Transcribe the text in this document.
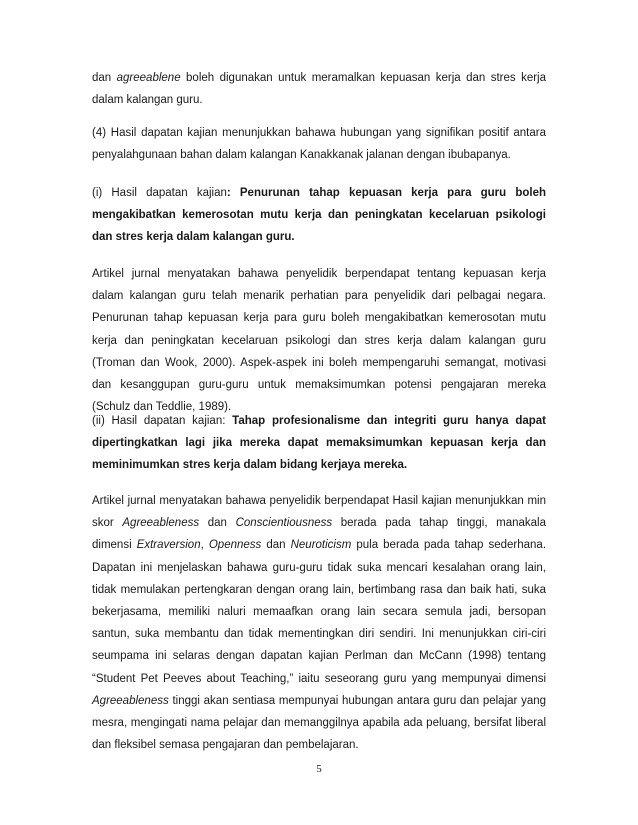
dan agreeablene boleh digunakan untuk meramalkan kepuasan kerja dan stres kerja
dalam kalangan guru.
(4) Hasil dapatan kajian menunjukkan bahawa hubungan yang signifikan positif antara
penyalahgunaan bahan dalam kalangan Kanakkanak jalanan dengan ibubapanya.
(i) Hasil dapatan kajian: Penurunan tahap kepuasan kerja para guru boleh
mengakibatkan kemerosotan mutu kerja dan peningkatan kecelaruan psikologi
dan stres kerja dalam kalangan guru.
Artikel jurnal menyatakan bahawa penyelidik berpendapat tentang kepuasan kerja
dalam kalangan guru telah menarik perhatian para penyelidik dari pelbagai negara.
Penurunan tahap kepuasan kerja para guru boleh mengakibatkan kemerosotan mutu
kerja dan peningkatan kecelaruan psikologi dan stres kerja dalam kalangan guru
(Troman dan Wook, 2000). Aspek-aspek ini boleh mempengaruhi semangat, motivasi
dan kesanggupan guru-guru untuk memaksimumkan potensi pengajaran mereka
(Schulz dan Teddlie, 1989).
(ii) Hasil dapatan kajian: Tahap profesionalisme dan integriti guru hanya dapat
dipertingkatkan lagi jika mereka dapat memaksimumkan kepuasan kerja dan
meminimumkan stres kerja dalam bidang kerjaya mereka.
Artikel jurnal menyatakan bahawa penyelidik berpendapat Hasil kajian menunjukkan min
skor Agreeableness dan Conscientiousness berada pada tahap tinggi, manakala
dimensi Extraversion, Openness dan Neuroticism pula berada pada tahap sederhana.
Dapatan ini menjelaskan bahawa guru-guru tidak suka mencari kesalahan orang lain,
tidak memulakan pertengkaran dengan orang lain, bertimbang rasa dan baik hati, suka
bekerjasama, memiliki naluri memaafkan orang lain secara semula jadi, bersopan
santun, suka membantu dan tidak mementingkan diri sendiri. Ini menunjukkan ciri-ciri
seumpama ini selaras dengan dapatan kajian Perlman dan McCann (1998) tentang
“Student Pet Peeves about Teaching,” iaitu seseorang guru yang mempunyai dimensi
Agreeableness tinggi akan sentiasa mempunyai hubungan antara guru dan pelajar yang
mesra, mengingati nama pelajar dan memanggilnya apabila ada peluang, bersifat liberal
dan fleksibel semasa pengajaran dan pembelajaran.
5
